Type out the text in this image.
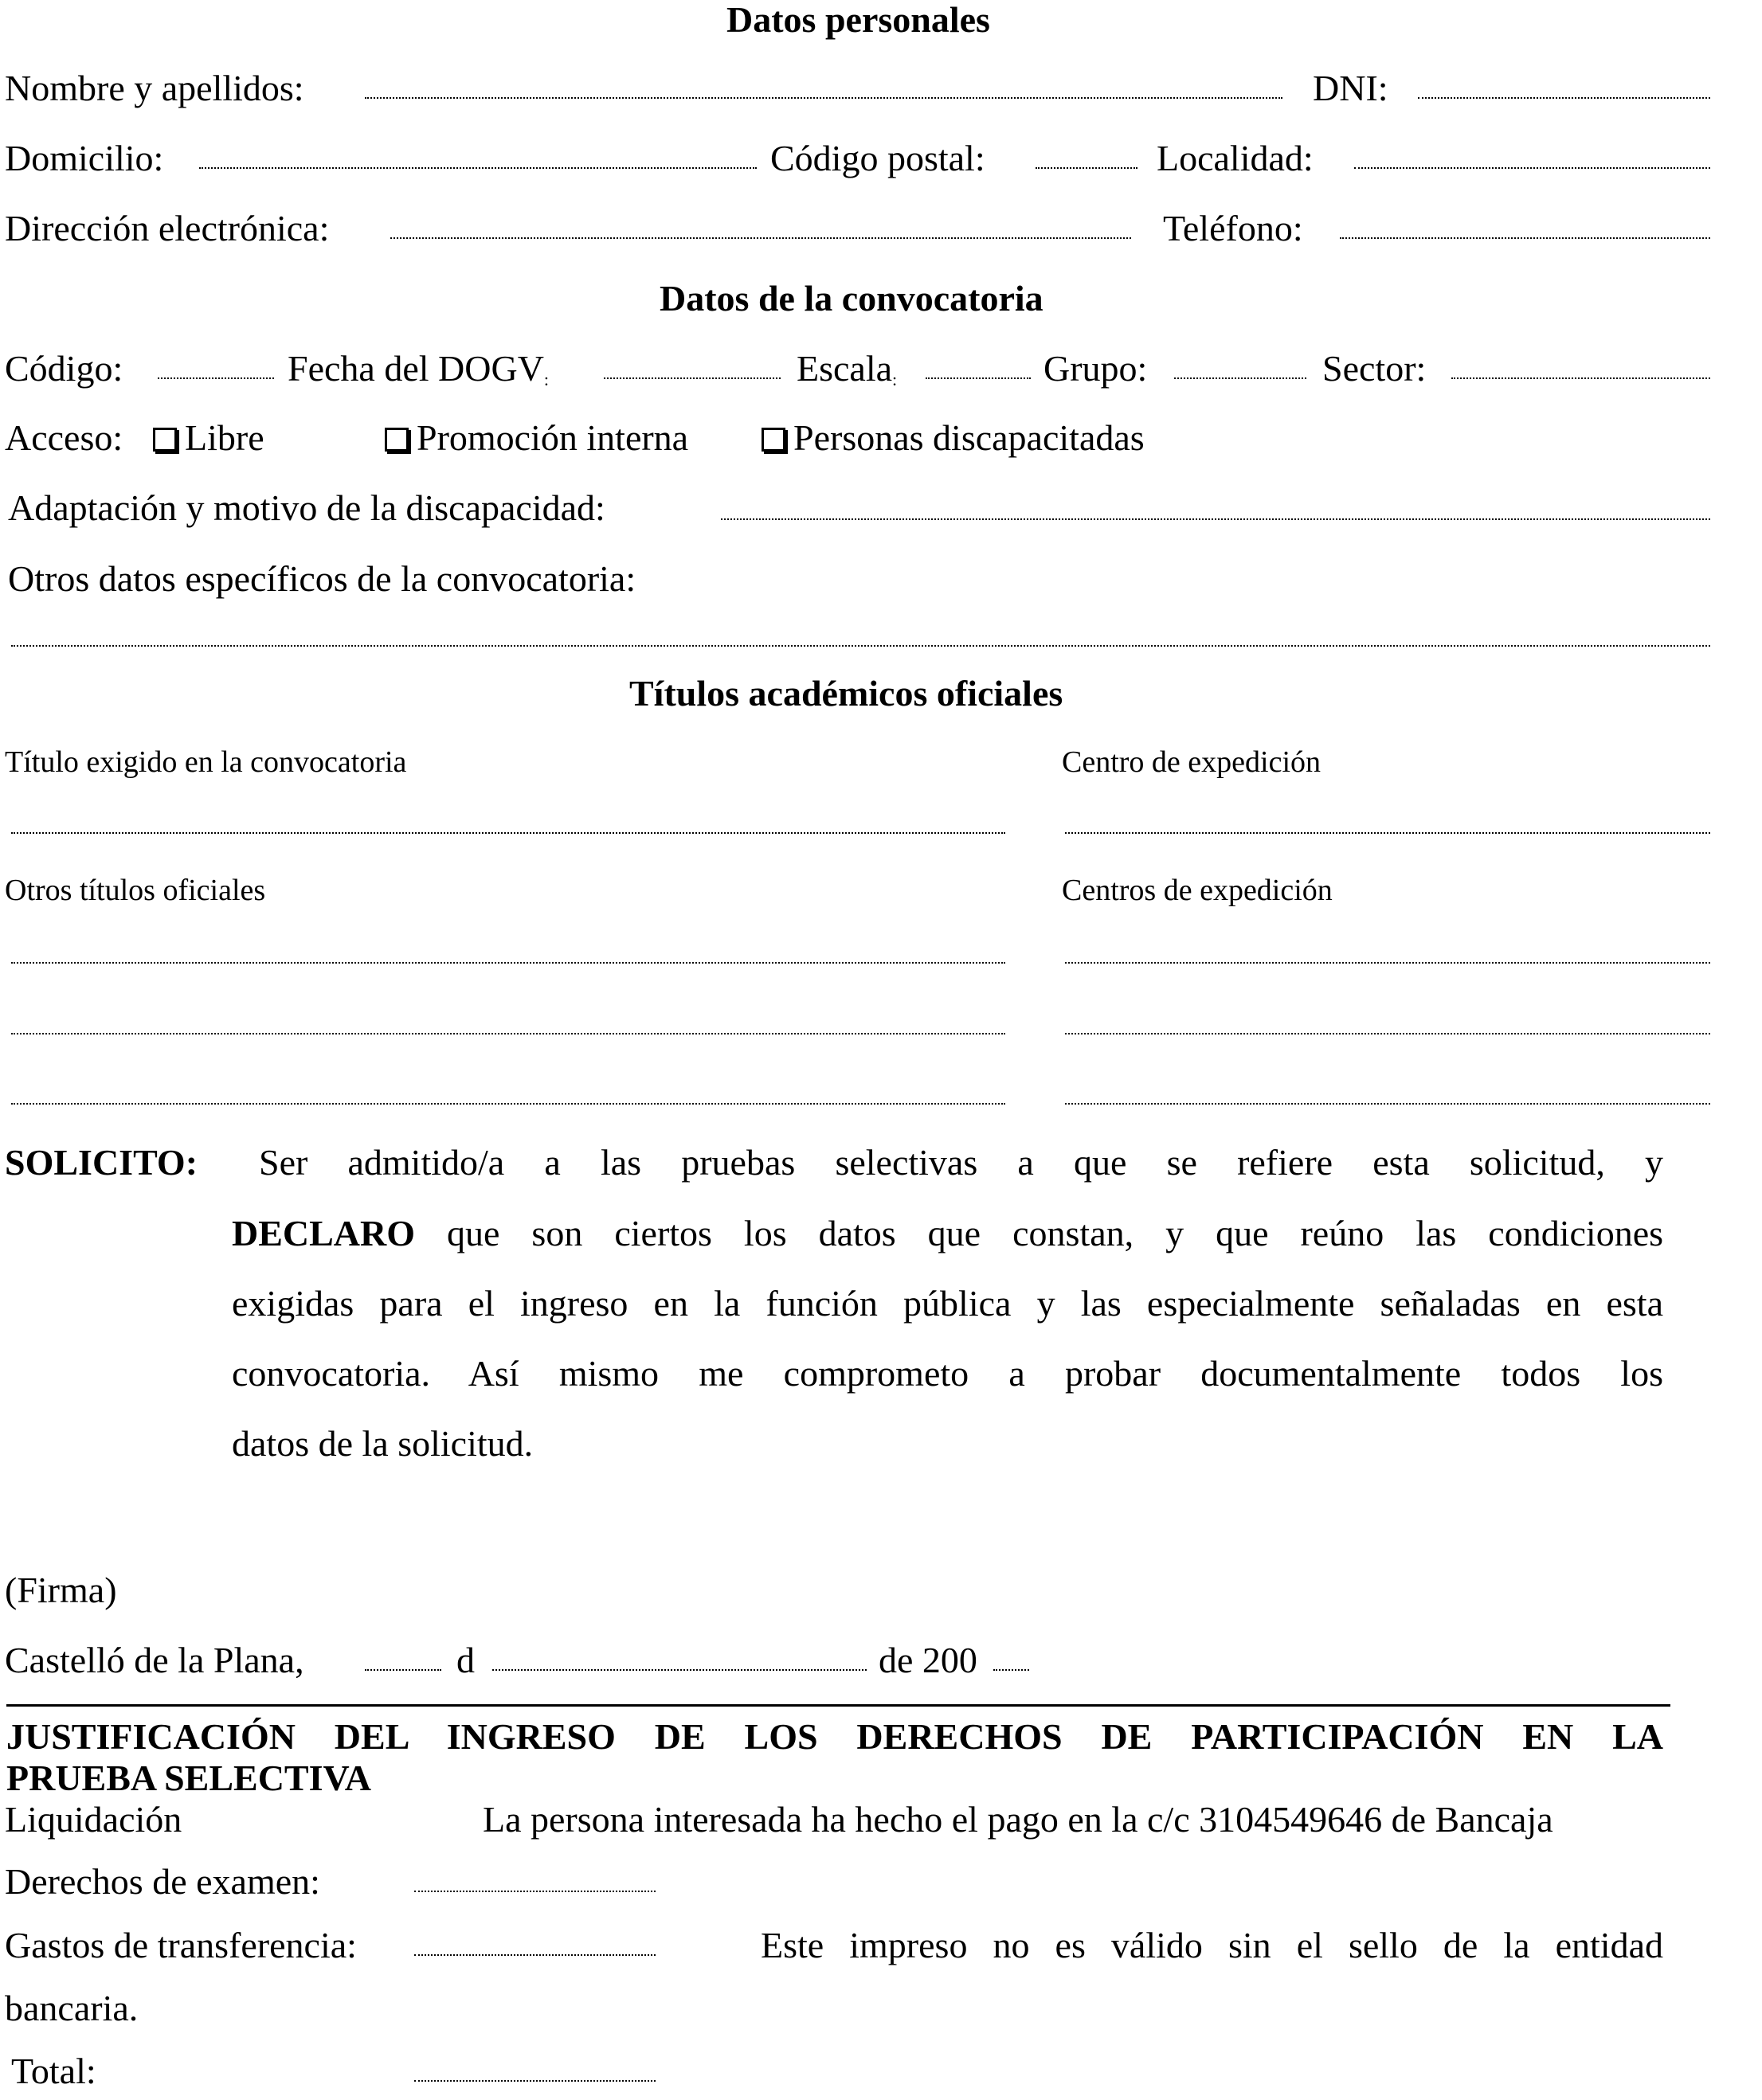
Datos personales
Nombre y apellidos:	DNI:
Domicilio:	Código postal:	Localidad:
Dirección electrónica:	Teléfono:
Datos de la convocatoria
Código:	Fecha del DOGV:	Escala:	Grupo:	Sector:
Acceso:	Libre	Promoción interna	Personas discapacitadas
Adaptación y motivo de la discapacidad:
Otros datos específicos de la convocatoria:
Títulos académicos oficiales
Título exigido en la convocatoria	Centro de expedición
Otros títulos oficiales	Centros de expedición
SOLICITO: Ser admitido/a a las pruebas selectivas a que se refiere esta solicitud, y
DECLARO que son ciertos los datos que constan, y que reúno las condiciones
exigidas para el ingreso en la función pública y las especialmente señaladas en esta
convocatoria. Así mismo me comprometo a probar documentalmente todos los
datos de la solicitud.
(Firma)
Castelló de la Plana,	d	de 200
JUSTIFICACIÓN DEL INGRESO DE LOS DERECHOS DE PARTICIPACIÓN EN LA
PRUEBA SELECTIVA
Liquidación	La persona interesada ha hecho el pago en la c/c 3104549646 de Bancaja
Derechos de examen:
Gastos de transferencia:	Este impreso no es válido sin el sello de la entidad
bancaria.
Total:
